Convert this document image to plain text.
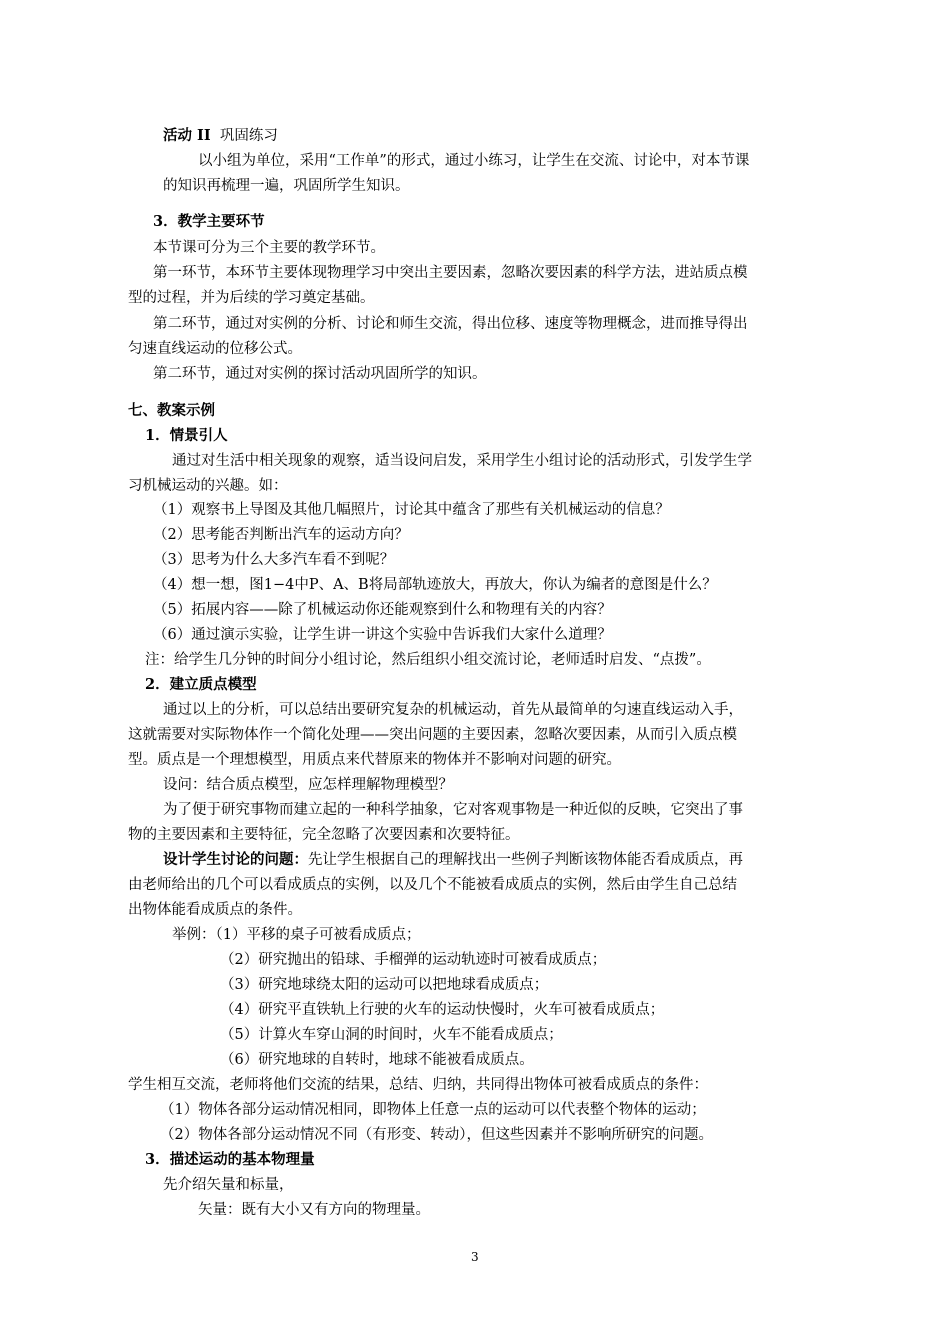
活动 II 巩固练习
以小组为单位，采用“工作单”的形式，通过小练习，让学生在交流、讨论中，对本节课
的知识再梳理一遍，巩固所学生知识。
3．教学主要环节
本节课可分为三个主要的教学环节。
第一环节，本环节主要体现物理学习中突出主要因素，忽略次要因素的科学方法，进站质点模
型的过程，并为后续的学习奠定基础。
第二环节，通过对实例的分析、讨论和师生交流，得出位移、速度等物理概念，进而推导得出
匀速直线运动的位移公式。
第二环节，通过对实例的探讨活动巩固所学的知识。
七、教案示例
1．情景引人
通过对生活中相关现象的观察，适当设问启发，采用学生小组讨论的活动形式，引发学生学
习机械运动的兴趣。如：
（1）观察书上导图及其他几幅照片，讨论其中蕴含了那些有关机械运动的信息？
（2）思考能否判断出汽车的运动方向？
（3）思考为什么大多汽车看不到呢？
（4）想一想，图1−4中P、A、B将局部轨迹放大，再放大，你认为编者的意图是什么？
（5）拓展内容——除了机械运动你还能观察到什么和物理有关的内容？
（6）通过演示实验，让学生讲一讲这个实验中告诉我们大家什么道理？
注：给学生几分钟的时间分小组讨论，然后组织小组交流讨论，老师适时启发、“点拨”。
2．建立质点模型
通过以上的分析，可以总结出要研究复杂的机械运动，首先从最简单的匀速直线运动入手，
这就需要对实际物体作一个简化处理——突出问题的主要因素，忽略次要因素，从而引入质点模
型。质点是一个理想模型，用质点来代替原来的物体并不影响对问题的研究。
设问：结合质点模型，应怎样理解物理模型？
为了便于研究事物而建立起的一种科学抽象，它对客观事物是一种近似的反映，它突出了事
物的主要因素和主要特征，完全忽略了次要因素和次要特征。
设计学生讨论的问题：先让学生根据自己的理解找出一些例子判断该物体能否看成质点，再
由老师给出的几个可以看成质点的实例，以及几个不能被看成质点的实例，然后由学生自己总结
出物体能看成质点的条件。
举例：（1）平移的桌子可被看成质点；
（2）研究抛出的铅球、手榴弹的运动轨迹时可被看成质点；
（3）研究地球绕太阳的运动可以把地球看成质点；
（4）研究平直铁轨上行驶的火车的运动快慢时，火车可被看成质点；
（5）计算火车穿山洞的时间时，火车不能看成质点；
（6）研究地球的自转时，地球不能被看成质点。
学生相互交流，老师将他们交流的结果，总结、归纳，共同得出物体可被看成质点的条件：
（1）物体各部分运动情况相同，即物体上任意一点的运动可以代表整个物体的运动；
（2）物体各部分运动情况不同（有形变、转动），但这些因素并不影响所研究的问题。
3．描述运动的基本物理量
先介绍矢量和标量，
矢量：既有大小又有方向的物理量。
3
